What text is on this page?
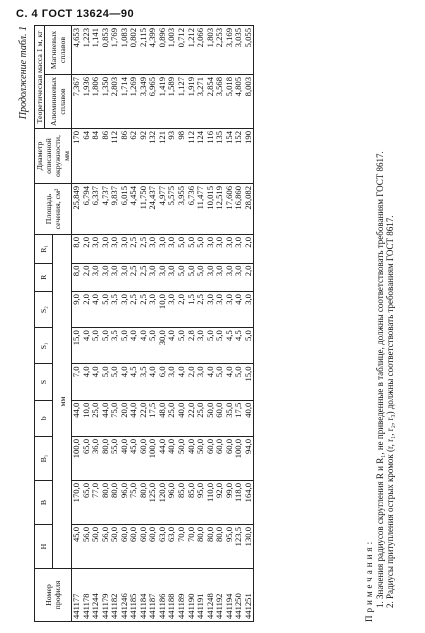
С. 4 ГОСТ 13624—90
Продолжение табл. 1
Номер профиля	H	B	B₁	b	S	S₁	S₂	R	R₁	Площадь сечения, см²	Диаметр описанной окружности, мм	Теоретическая масса 1 м, кг	
												Алюминиевых сплавов	Магниевых сплавов
	мм												
441177	45,0	170,0	100,0	44,0	7,0	15,0	9,0	8,0	8,0	25,849	170	7,367	4,653
441178	56,0	65,0	65,0	10,0	4,0	4,0	2,0	2,0	2,0	6,794	64	1,936	1,223
441244	50,0	77,0	36,0	25,0	4,0	5,0	4,0	3,0	3,0	6,337	84	1,806	1,141
441179	56,0	80,0	80,0	44,0	5,0	5,0	5,0	3,0	3,0	4,737	86	1,350	0,853
441182	50,0	80,0	55,0	75,0	5,0	3,5	3,5	3,0	3,0	9,837	112	2,803	1,769
441246	60,0	96,0	40,0	20,0	4,0	5,0	3,0	3,0	3,0	6,015	86	1,714	1,083
441185	60,0	75,0	45,0	44,0	4,5	4,0	2,5	2,5	2,5	4,454	62	1,269	0,802
441184	60,0	80,0	60,0	22,0	3,5	4,0	2,5	2,5	2,5	11,750	92	3,349	2,115
441187	60,0	125,0	100,0	17,5	4,0	5,0	3,0	3,0	3,0	24,437	132	6,965	4,399
441186	63,0	120,0	44,0	48,0	6,0	30,0	10,0	3,0	3,0	4,977	121	1,419	0,896
441188	63,0	96,0	40,0	25,0	3,0	4,0	3,0	3,0	3,0	5,575	93	1,589	1,003
441189	70,0	85,0	50,0	40,0	4,0	5,0	2,0	5,0	5,0	3,955	98	1,127	0,712
441190	70,0	85,0	40,0	22,0	2,0	2,8	1,5	5,0	5,0	6,736	112	1,919	1,212
441191	80,0	95,0	50,0	25,0	3,0	3,0	2,5	5,0	5,0	11,477	124	3,271	2,066
441248	80,0	110,0	60,0	50,0	4,0	5,0	3,0	3,0	3,0	10,015	116	2,854	1,803
441192	80,0	92,0	60,0	60,0	5,0	5,0	3,0	3,0	3,0	12,519	135	3,568	2,253
441194	95,0	99,0	60,0	35,0	4,0	4,5	3,0	3,0	3,0	17,606	154	5,018	3,169
441250	123,5	118,0	100,0	17,5	5,0	4,5	4,0	3,0	3,0	16,860	152	4,805	3,035
441251	130,0	164,0	94,0	40,0	15,0	5,0	3,0	2,0	2,0	28,082	190	8,003	5,055

Примечания: 1. Значения радиусов скругления R и R₁, не приведенные в таблице, должны соответствовать требованиям ГОСТ 8617. 2. Радиусы притупления острых кромок (r, r₁, r₂, r₃) должны соответствовать требованиям ГОСТ 8617.
